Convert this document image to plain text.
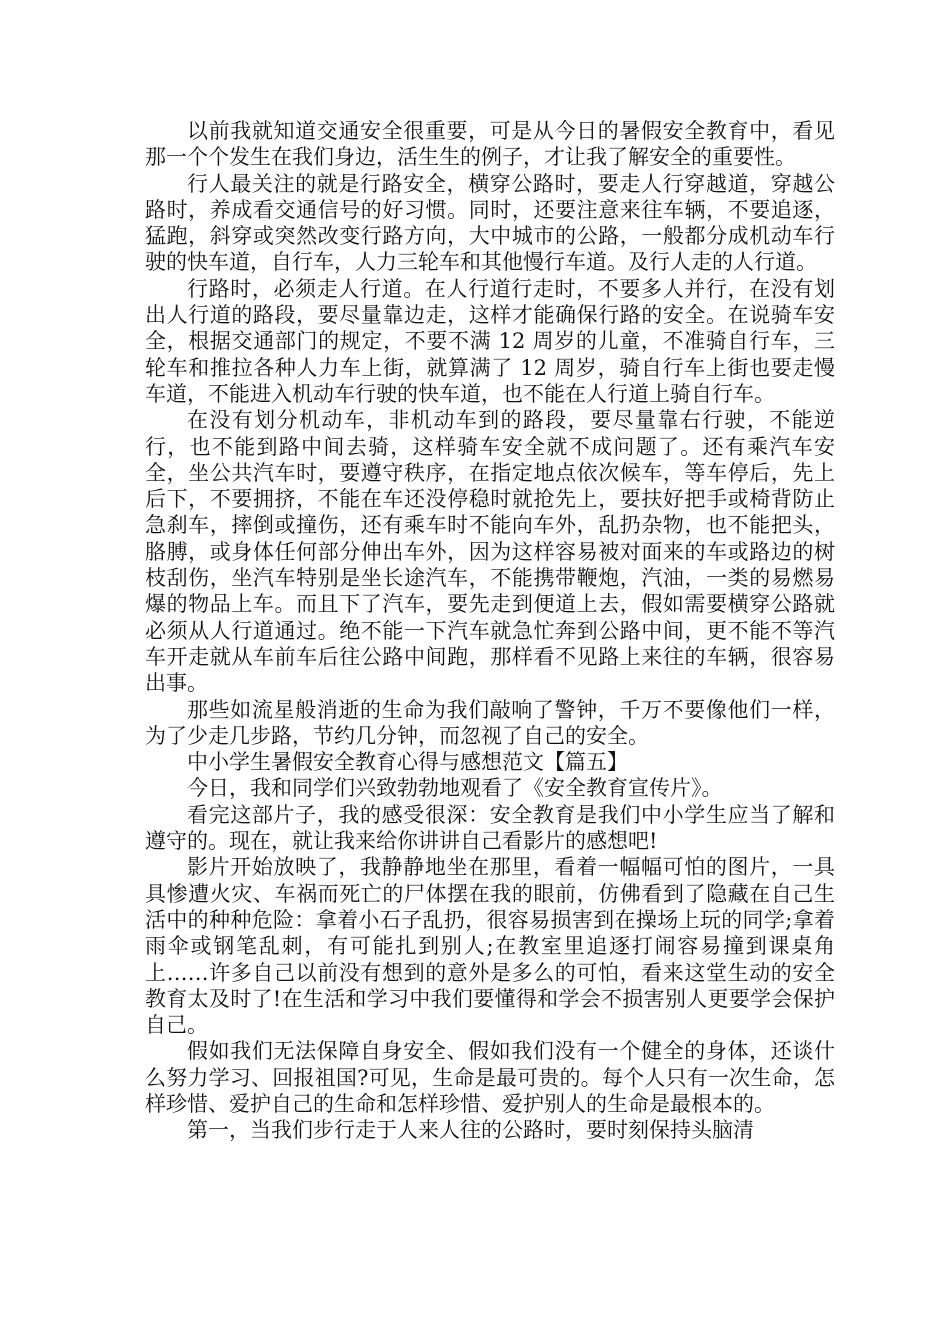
以前我就知道交通安全很重要，可是从今日的暑假安全教育中，看见那一个个发生在我们身边，活生生的例子，才让我了解安全的重要性。

行人最关注的就是行路安全，横穿公路时，要走人行穿越道，穿越公路时，养成看交通信号的好习惯。同时，还要注意来往车辆，不要追逐，猛跑，斜穿或突然改变行路方向，大中城市的公路，一般都分成机动车行驶的快车道，自行车，人力三轮车和其他慢行车道。及行人走的人行道。

行路时，必须走人行道。在人行道行走时，不要多人并行，在没有划出人行道的路段，要尽量靠边走，这样才能确保行路的安全。在说骑车安全，根据交通部门的规定，不要不满 12 周岁的儿童，不准骑自行车，三轮车和推拉各种人力车上街，就算满了 12 周岁，骑自行车上街也要走慢车道，不能进入机动车行驶的快车道，也不能在人行道上骑自行车。

在没有划分机动车，非机动车到的路段，要尽量靠右行驶，不能逆行，也不能到路中间去骑，这样骑车安全就不成问题了。还有乘汽车安全，坐公共汽车时，要遵守秩序，在指定地点依次候车，等车停后，先上后下，不要拥挤，不能在车还没停稳时就抢先上，要扶好把手或椅背防止急刹车，摔倒或撞伤，还有乘车时不能向车外，乱扔杂物，也不能把头，胳膊，或身体任何部分伸出车外，因为这样容易被对面来的车或路边的树枝刮伤，坐汽车特别是坐长途汽车，不能携带鞭炮，汽油，一类的易燃易爆的物品上车。而且下了汽车，要先走到便道上去，假如需要横穿公路就必须从人行道通过。绝不能一下汽车就急忙奔到公路中间，更不能不等汽车开走就从车前车后往公路中间跑，那样看不见路上来往的车辆，很容易出事。

那些如流星般消逝的生命为我们敲响了警钟，千万不要像他们一样，为了少走几步路，节约几分钟，而忽视了自己的安全。

中小学生暑假安全教育心得与感想范文【篇五】

今日，我和同学们兴致勃勃地观看了《安全教育宣传片》。

看完这部片子，我的感受很深：安全教育是我们中小学生应当了解和遵守的。现在，就让我来给你讲讲自己看影片的感想吧!

影片开始放映了，我静静地坐在那里，看着一幅幅可怕的图片，一具具惨遭火灾、车祸而死亡的尸体摆在我的眼前，仿佛看到了隐藏在自己生活中的种种危险：拿着小石子乱扔，很容易损害到在操场上玩的同学;拿着雨伞或钢笔乱刺，有可能扎到别人;在教室里追逐打闹容易撞到课桌角上……许多自己以前没有想到的意外是多么的可怕，看来这堂生动的安全教育太及时了!在生活和学习中我们要懂得和学会不损害别人更要学会保护自己。

假如我们无法保障自身安全、假如我们没有一个健全的身体，还谈什么努力学习、回报祖国?可见，生命是最可贵的。每个人只有一次生命，怎样珍惜、爱护自己的生命和怎样珍惜、爱护别人的生命是最根本的。

第一，当我们步行走于人来人往的公路时，要时刻保持头脑清
